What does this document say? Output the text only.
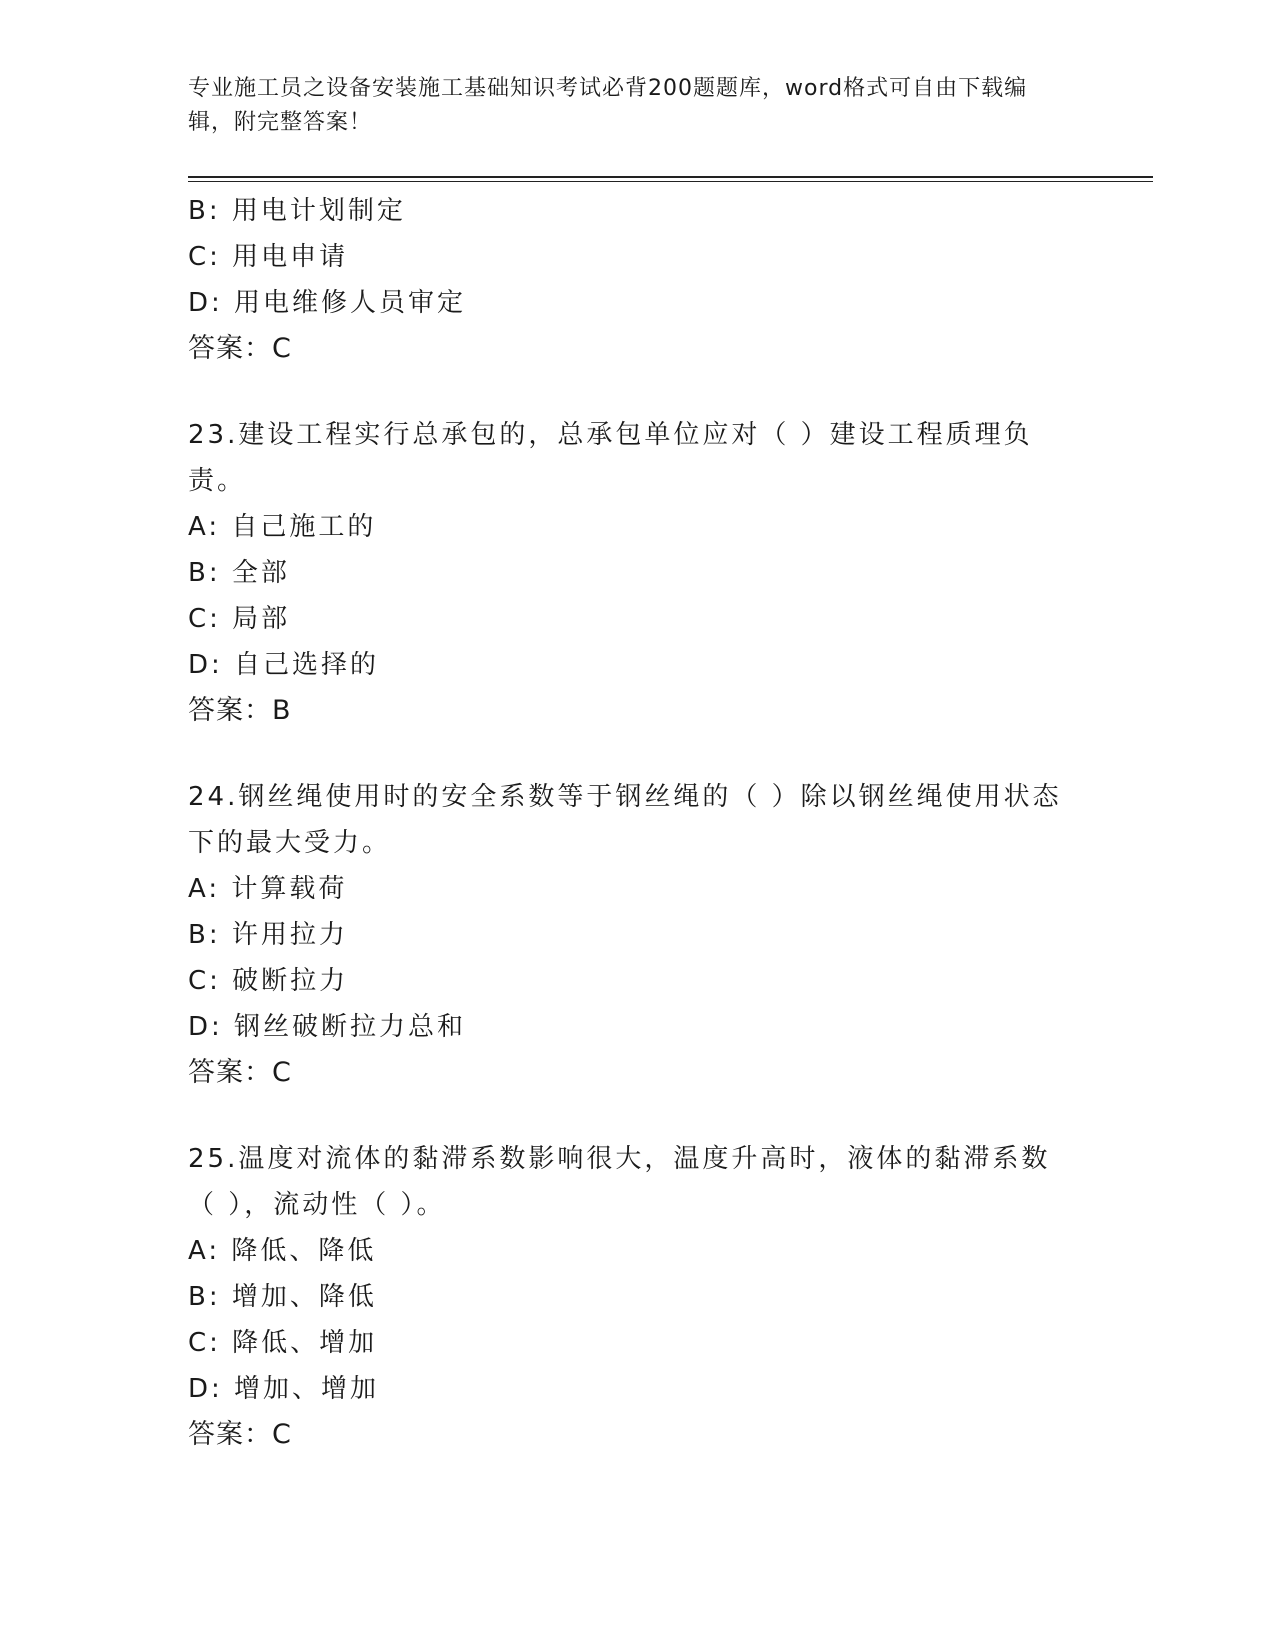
专业施工员之设备安装施工基础知识考试必背200题题库，word格式可自由下载编辑，附完整答案！
B: 用电计划制定
C: 用电申请
D: 用电维修人员审定
答案：C
23.建设工程实行总承包的，总承包单位应对（ ）建设工程质理负责。
A: 自己施工的
B: 全部
C: 局部
D: 自己选择的
答案：B
24.钢丝绳使用时的安全系数等于钢丝绳的（ ）除以钢丝绳使用状态下的最大受力。
A: 计算载荷
B: 许用拉力
C: 破断拉力
D: 钢丝破断拉力总和
答案：C
25.温度对流体的黏滞系数影响很大，温度升高时，液体的黏滞系数（ ），流动性（ ）。
A: 降低、降低
B: 增加、降低
C: 降低、增加
D: 增加、增加
答案：C
